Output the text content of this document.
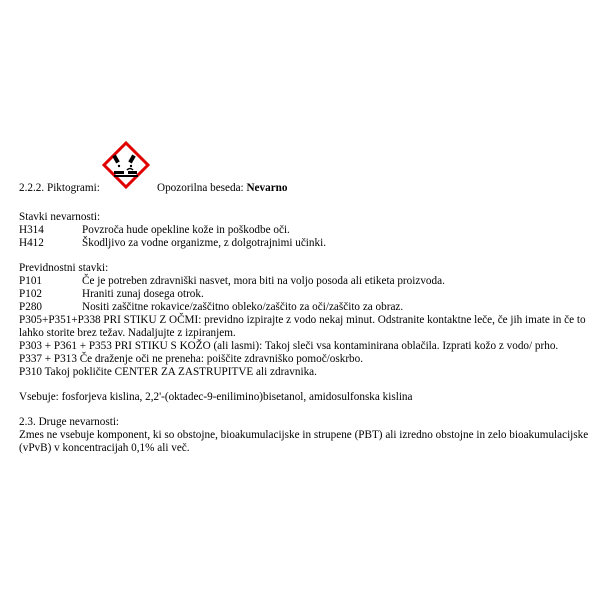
2.2.2. Piktogrami:	Opozorilna beseda: Nevarno
Stavki nevarnosti:
H314	Povzroča hude opekline kože in poškodbe oči.
H412	Škodljivo za vodne organizme, z dolgotrajnimi učinki.
Previdnostni stavki:
P101	Če je potreben zdravniški nasvet, mora biti na voljo posoda ali etiketa proizvoda.
P102	Hraniti zunaj dosega otrok.
P280	Nositi zaščitne rokavice/zaščitno obleko/zaščito za oči/zaščito za obraz.
P305+P351+P338 PRI STIKU Z OČMI: previdno izpirajte z vodo nekaj minut. Odstranite kontaktne leče, če jih imate in če to lahko storite brez težav. Nadaljujte z izpiranjem.
P303 + P361 + P353 PRI STIKU S KOŽO (ali lasmi): Takoj sleči vsa kontaminirana oblačila. Izprati kožo z vodo/ prho.
P337 + P313 Če draženje oči ne preneha: poiščite zdravniško pomoč/oskrbo.
P310 Takoj pokličite CENTER ZA ZASTRUPITVE ali zdravnika.
Vsebuje: fosforjeva kislina, 2,2'-(oktadec-9-enilimino)bisetanol, amidosulfonska kislina
2.3. Druge nevarnosti:
Zmes ne vsebuje komponent, ki so obstojne, bioakumulacijske in strupene (PBT) ali izredno obstojne in zelo bioakumulacijske (vPvB) v koncentracijah 0,1% ali več.
